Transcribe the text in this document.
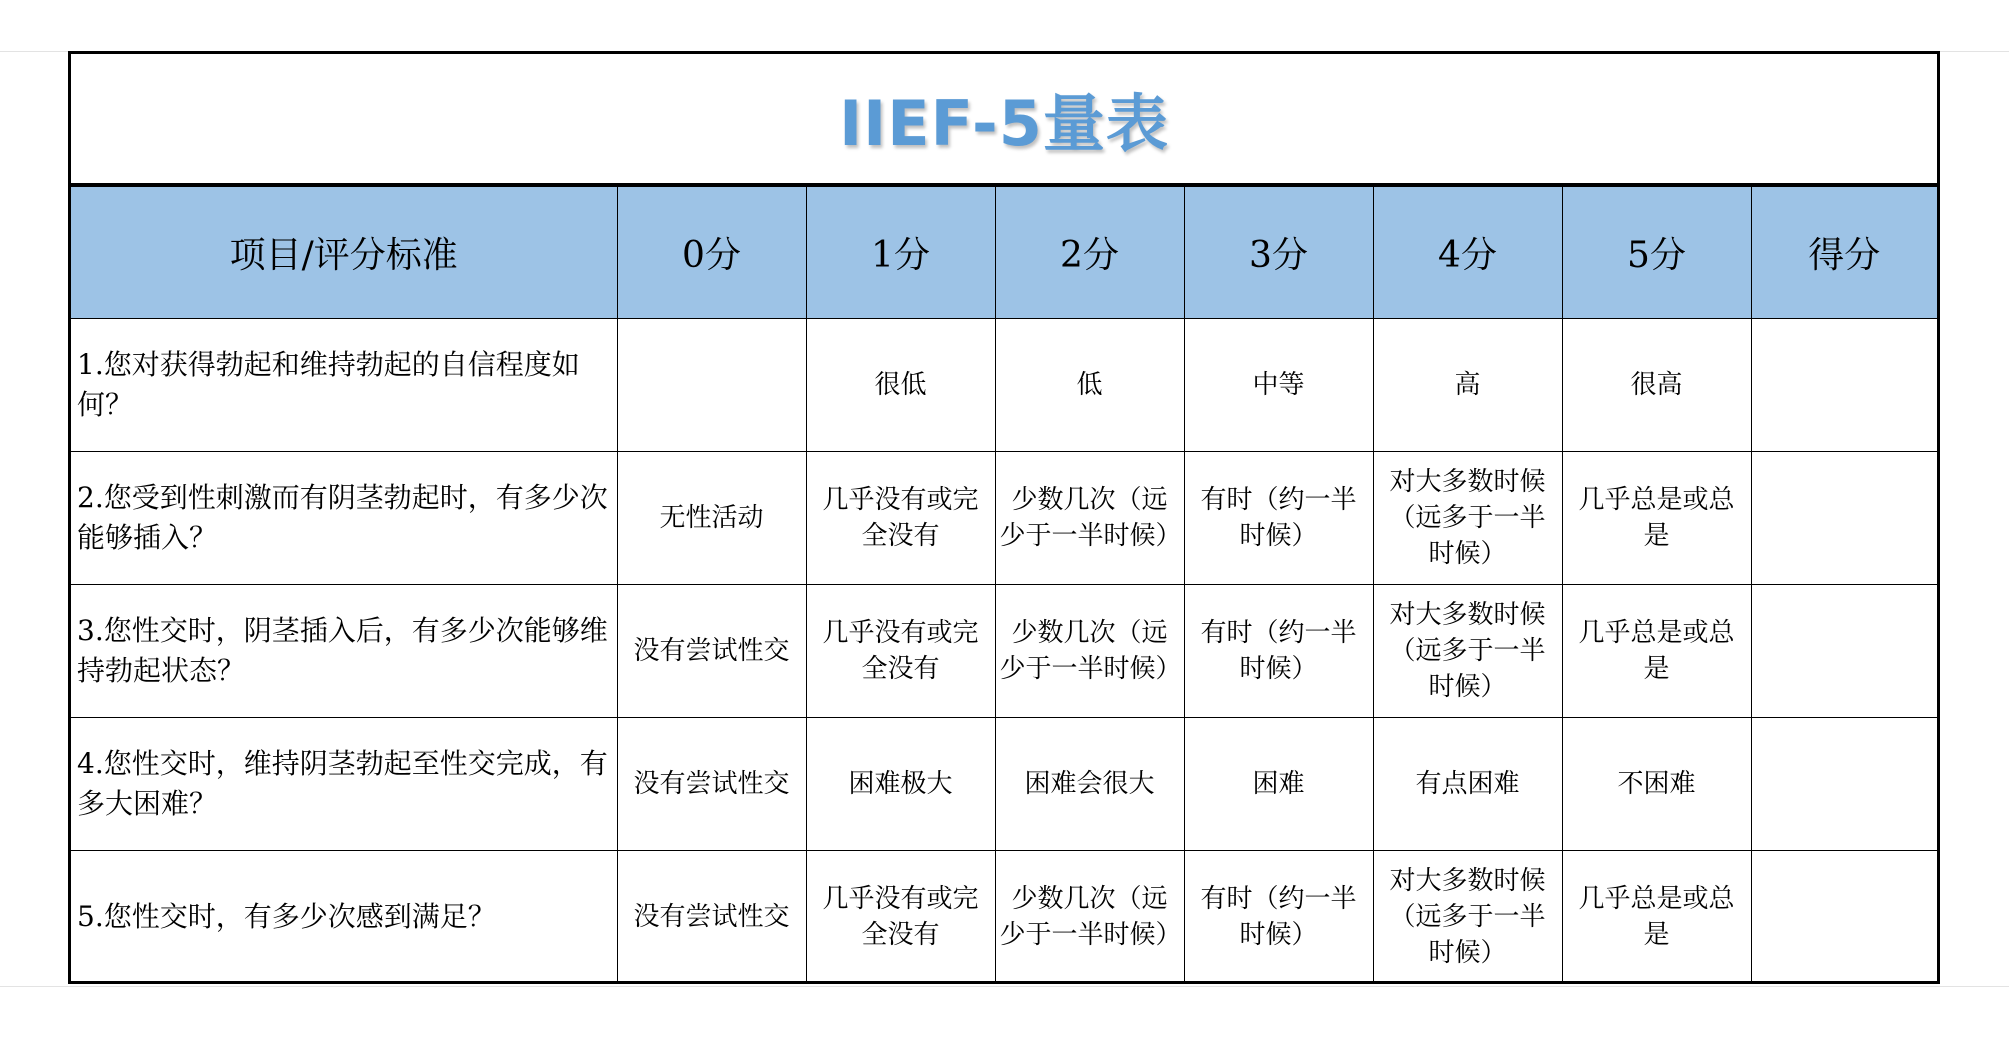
IIEF-5量表
项目/评分标准	0分	1分	2分	3分	4分	5分	得分
1.您对获得勃起和维持勃起的自信程度如何？		很低	低	中等	高	很高	
2.您受到性刺激而有阴茎勃起时，有多少次能够插入？	无性活动	几乎没有或完全没有	少数几次（远少于一半时候）	有时（约一半时候）	对大多数时候（远多于一半时候）	几乎总是或总是	
3.您性交时，阴茎插入后，有多少次能够维持勃起状态？	没有尝试性交	几乎没有或完全没有	少数几次（远少于一半时候）	有时（约一半时候）	对大多数时候（远多于一半时候）	几乎总是或总是	
4.您性交时，维持阴茎勃起至性交完成，有多大困难？	没有尝试性交	困难极大	困难会很大	困难	有点困难	不困难	
5.您性交时，有多少次感到满足？	没有尝试性交	几乎没有或完全没有	少数几次（远少于一半时候）	有时（约一半时候）	对大多数时候（远多于一半时候）	几乎总是或总是	
